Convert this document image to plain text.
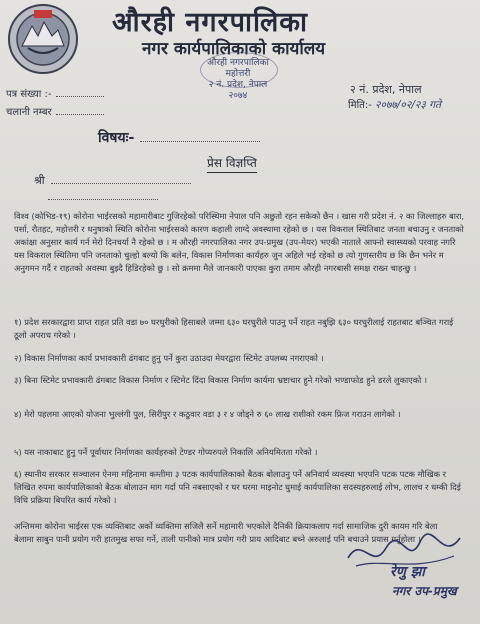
औरही नगरपालिका
नगर कार्यपालिकाको कार्यालय
औरही नगरपालिका
महोत्तरी
२ नं. प्रदेश, नेपाल
२०७४
पत्र संख्या :-
चलानी नम्बर
२ नं. प्रदेश, नेपाल
मिति:- २०७७/०२/२३ गते
विषयः-
प्रेस विज्ञप्ति
श्री
विश्व (कोभिड-१९) कोरोना भाईरसको महामारीबाट गुजिरहेको परिस्थिमा नेपाल पनि अछुतो रहन सकेको छैन । खास गरी प्रदेश नं. २ का जिल्लाहरु बारा, पर्सा, रौतहट, महोत्तरी र धनुषाको स्थिति कोरोना भाईरसको कारण कहाली लाग्दे अवस्थामा रहेको छ । यस विकराल स्थितिबाट जनता बचाउनु र जनताको अकांक्षा अनुसार कार्य गर्न मेरो दिनचर्या नै रहेको छ । म औरही नगरपालिका नगर उप-प्रमुख (उप-मेयर) भएकी नाताले आफ्नो स्वास्थ्यको परवाह नगरि यस विकराल स्थितिमा पनि जनताको चुल्हो बल्यो कि बलेन, विकास निर्माणका कार्यहरु जुन अहिले भई रहेको छ त्यो गुणस्तरीय छ कि छैन भनेर म अनुगमन गर्दै र राहतको अवस्था बुझ्दै हिडिरहेको छु । सो क्रममा मैले जानकारी पाएका कुरा तमाम औरही नगरबासी समक्ष राख्न चाहन्छु ।
१) प्रदेश सरकारद्वारा प्राप्त राहत प्रति वडा ७० घरधुरीको हिसाबले जम्मा ६३० घरधुरीले पाउनु पर्ने राहत नबुझि ६३० घरधुरीलाई राहतबाट बञ्चित गराई ठूलो अपराध गरेको ।
२) विकास निर्माणका कार्य प्रभावकारी ढंगबाट हुनु पर्ने कुरा उठाउदा मेयरद्वारा स्टिमेट उपलब्ध नगराएको ।
३) बिना स्टिमेट प्रभावकारी ढंगबाट विकास निर्माण र स्टिमेट दिंदा विकास निर्माण कार्यमा भ्रष्टाचार हुने गरेको भण्डाफोड हुने डरले लुकाएको ।
४) मेरो पहलमा आएको योजना भुल्लंगी पुल, सिरीपुर र कठुवार वडा ३ र ४ जोड्ने रु ६० लाख राशीको रकम फ्रिज गराउन लागेको ।
५) यस नाकाबाट हुनु पर्ने पूर्वाधार निर्माणका कार्यहरुको टेण्डर गोप्यरुपले निकालि अनियमितता गरेको ।
६) स्थानीय सरकार सञ्चालन ऐनमा महिनामा कम्तीमा ३ पटक कार्यपालिकाको बैठक बोलाउनु पर्ने अनिवार्य व्यवस्था भएपनि पटक पटक मौखिक र लिखित रुपमा कार्यपालिकाको बैठक बोलाउन माग गर्दा पनि नबसाएको र घर घरमा माइनोट घुमाई कार्यपालिका सदस्यहरुलाई लोभ, लालच र धम्की दिई विधि प्रक्रिया बिपरित कार्य गरेको ।
अन्तिममा कोरोना भाईरस एक व्यक्तिबाट अर्को व्यक्तिमा सजिलै सर्ने महामारी भएकोले दैनिकी क्रियाकलाप गर्दा सामाजिक दुरी कायम गरि बेला बेलामा साबुन पानी प्रयोग गरी हातमुख सफा गर्ने, ताली पानीको मात्र प्रयोग गरी प्राय आदिबाट बच्ने अरुलाई पनि बचाउने प्रयास गर्नुहोला ।
रेणु झा
नगर उप-प्रमुख
